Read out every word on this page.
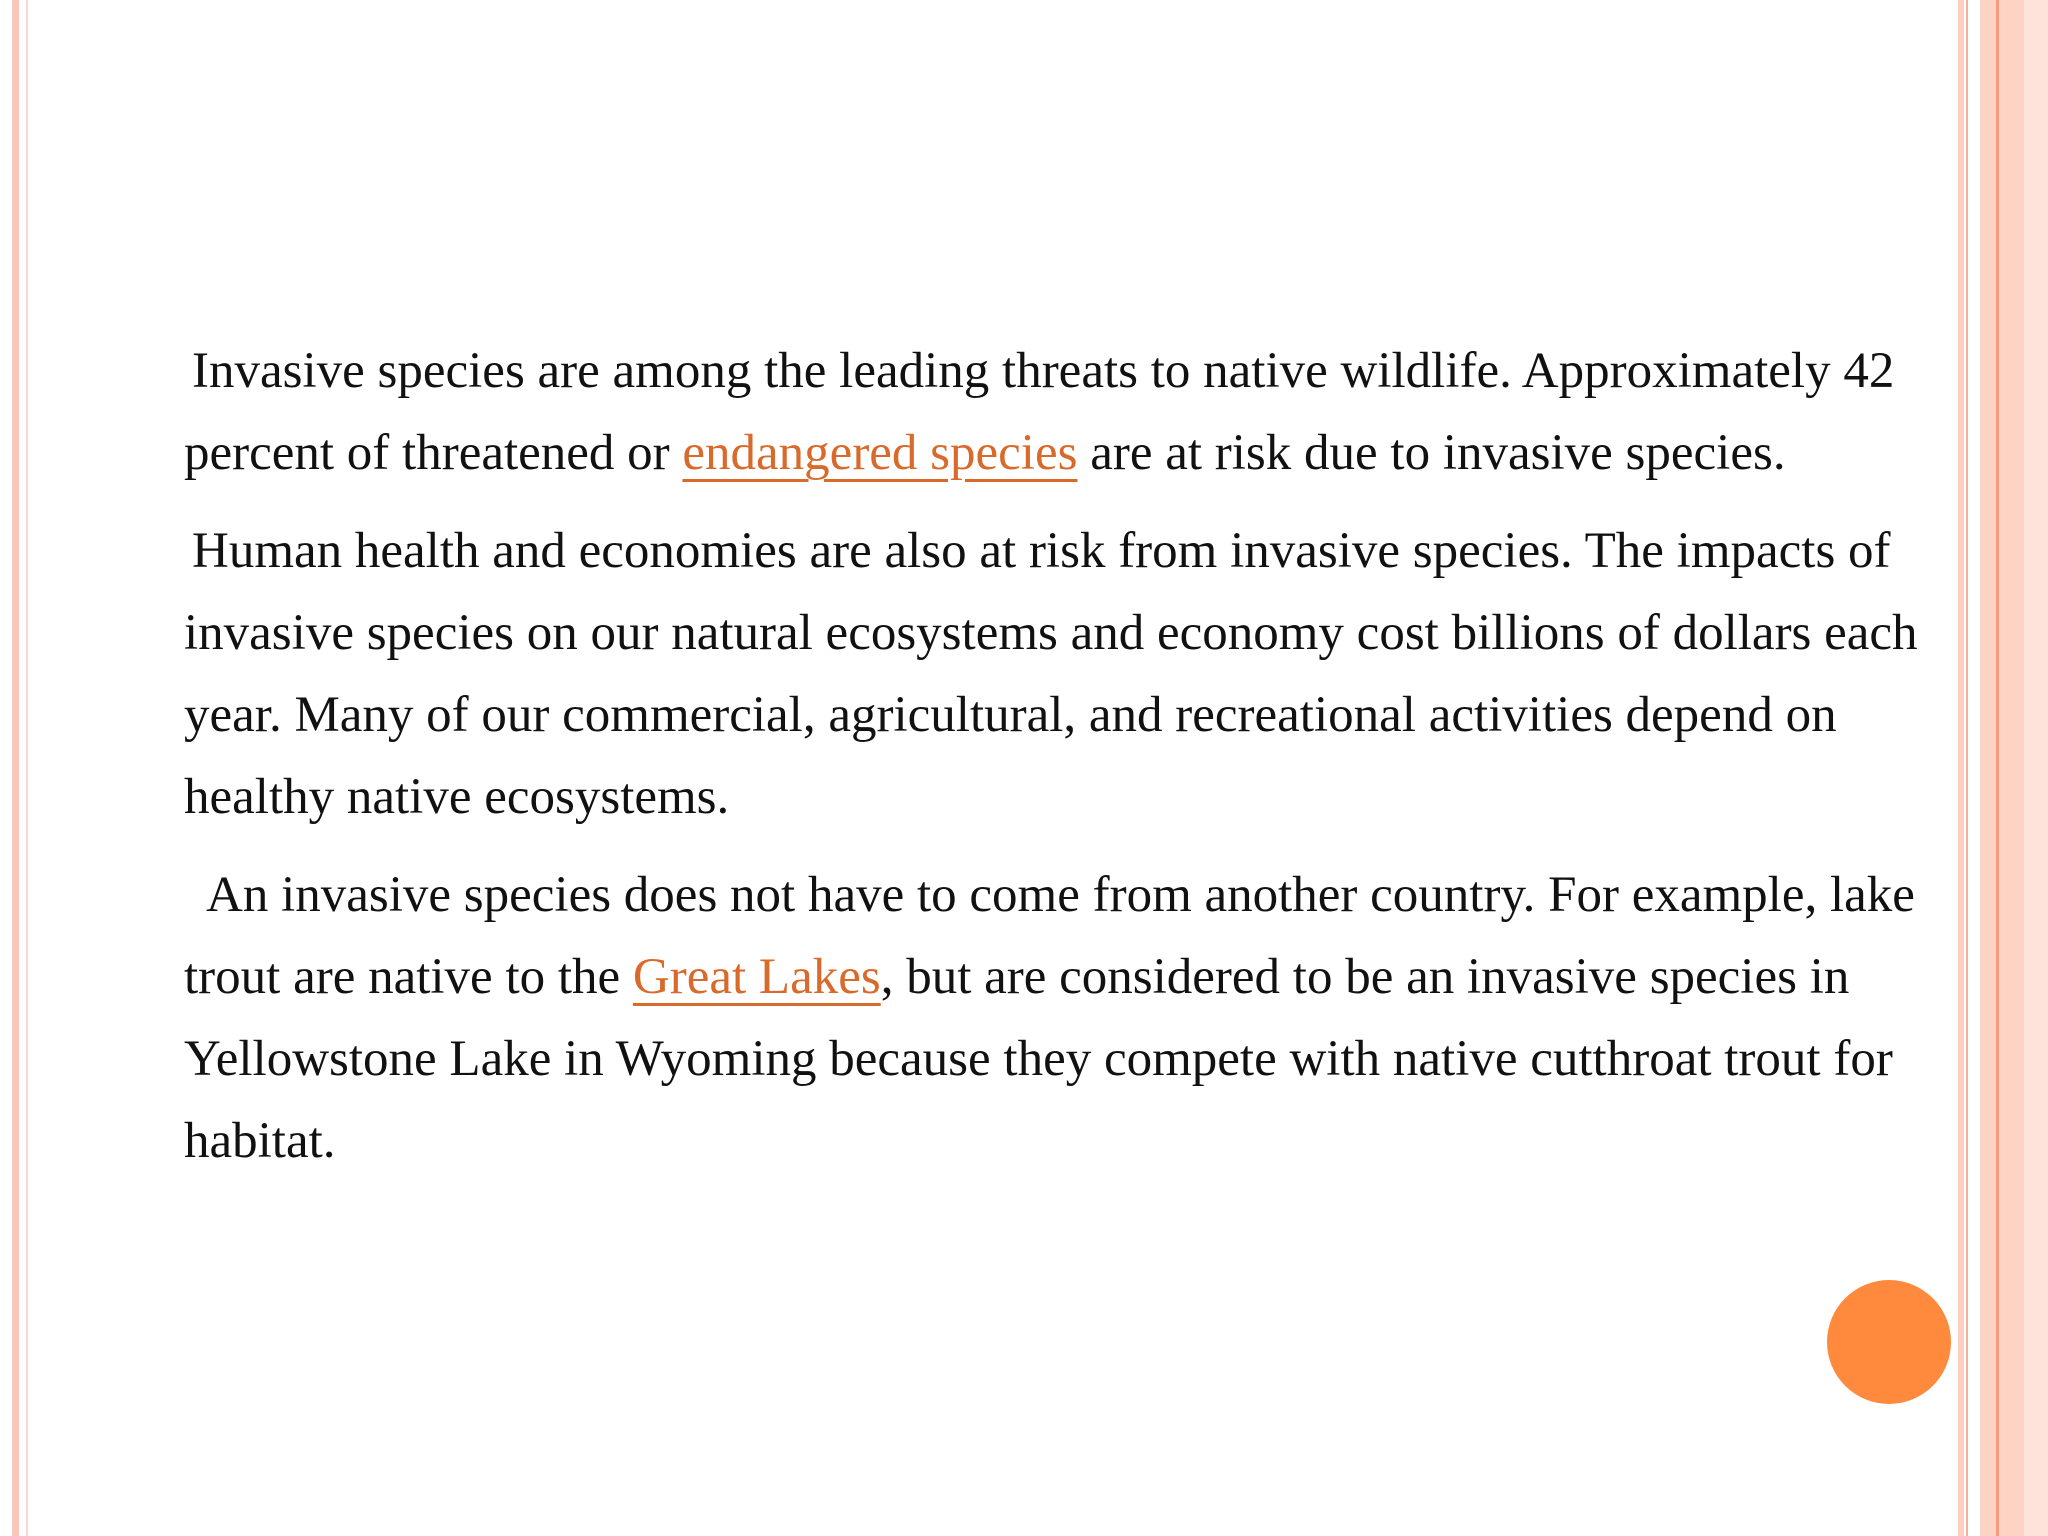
Invasive species are among the leading threats to native wildlife. Approximately 42 percent of threatened or endangered species are at risk due to invasive species.

Human health and economies are also at risk from invasive species. The impacts of invasive species on our natural ecosystems and economy cost billions of dollars each year. Many of our commercial, agricultural, and recreational activities depend on healthy native ecosystems.

An invasive species does not have to come from another country. For example, lake trout are native to the Great Lakes, but are considered to be an invasive species in Yellowstone Lake in Wyoming because they compete with native cutthroat trout for habitat.
